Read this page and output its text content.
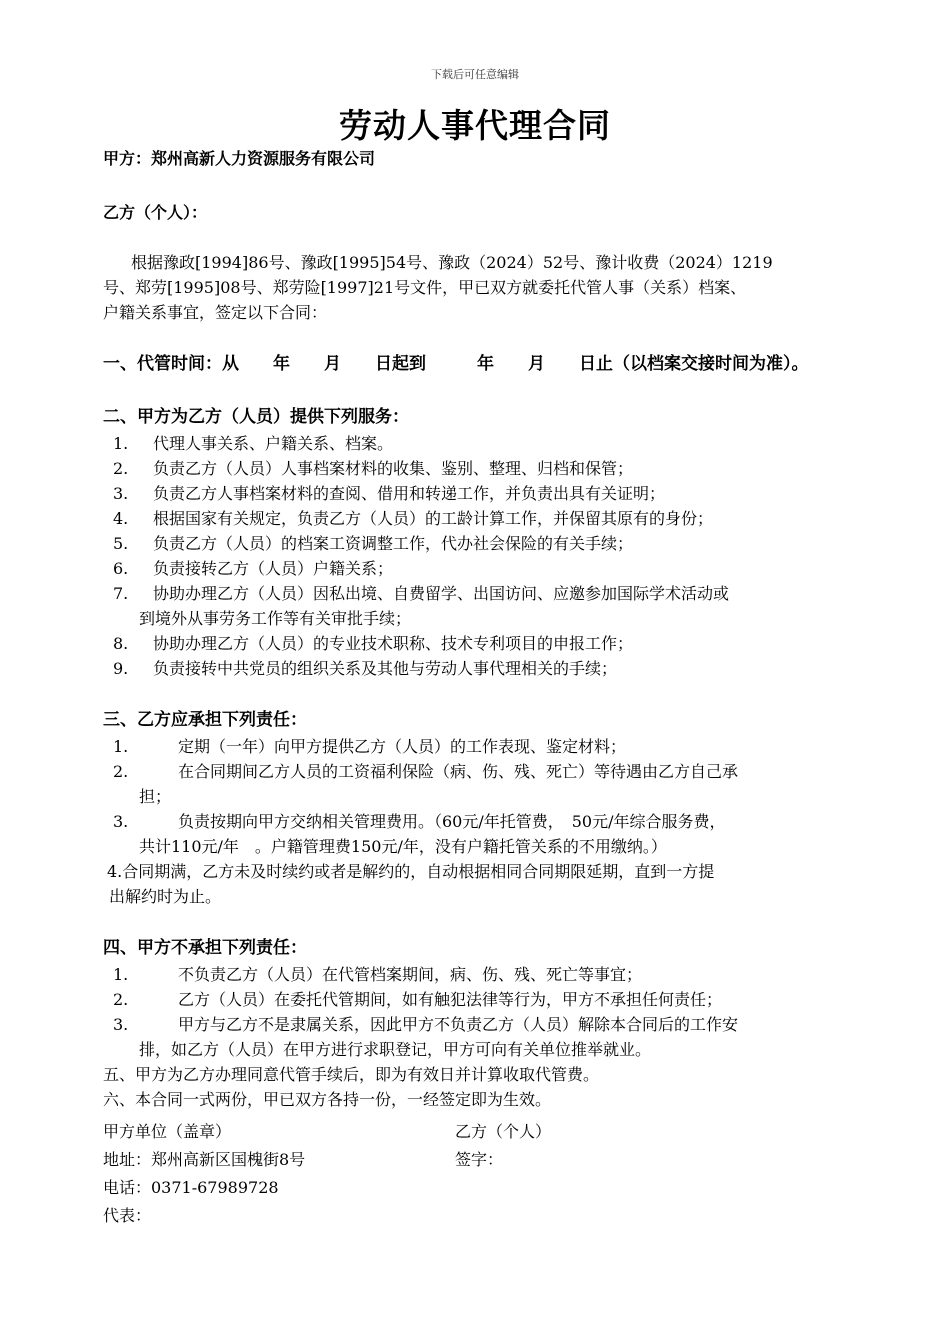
下载后可任意编辑
劳动人事代理合同
甲方：郑州高新人力资源服务有限公司
乙方（个人）：
根据豫政[1994]86号、豫政[1995]54号、豫政（2024）52号、豫计收费（2024）1219
号、郑劳[1995]08号、郑劳险[1997]21号文件，甲已双方就委托代管人事（关系）档案、
户籍关系事宜，签定以下合同：
一、代管时间：从　　年　　月　　日起到　　　年　　月　　日止（以档案交接时间为准）。
二、甲方为乙方（人员）提供下列服务：
1.	代理人事关系、户籍关系、档案。
2.	负责乙方（人员）人事档案材料的收集、鉴别、整理、归档和保管；
3.	负责乙方人事档案材料的查阅、借用和转递工作，并负责出具有关证明；
4.	根据国家有关规定，负责乙方（人员）的工龄计算工作，并保留其原有的身份；
5.	负责乙方（人员）的档案工资调整工作，代办社会保险的有关手续；
6.	负责接转乙方（人员）户籍关系；
7.	协助办理乙方（人员）因私出境、自费留学、出国访问、应邀参加国际学术活动或
到境外从事劳务工作等有关审批手续；
8.	协助办理乙方（人员）的专业技术职称、技术专利项目的申报工作；
9.	负责接转中共党员的组织关系及其他与劳动人事代理相关的手续；
三、乙方应承担下列责任：
1.	定期（一年）向甲方提供乙方（人员）的工作表现、鉴定材料；
2.	在合同期间乙方人员的工资福利保险（病、伤、残、死亡）等待遇由乙方自己承
担；
3.	负责按期向甲方交纳相关管理费用。（60元/年托管费，　50元/年综合服务费，
共计110元/年　。户籍管理费150元/年，没有户籍托管关系的不用缴纳。）
4.合同期满，乙方未及时续约或者是解约的，自动根据相同合同期限延期，直到一方提
出解约时为止。
四、甲方不承担下列责任：
1.	不负责乙方（人员）在代管档案期间，病、伤、残、死亡等事宜；
2.	乙方（人员）在委托代管期间，如有触犯法律等行为，甲方不承担任何责任；
3.	甲方与乙方不是隶属关系，因此甲方不负责乙方（人员）解除本合同后的工作安
排，如乙方（人员）在甲方进行求职登记，甲方可向有关单位推举就业。
五、甲方为乙方办理同意代管手续后，即为有效日并计算收取代管费。
六、本合同一式两份，甲已双方各持一份，一经签定即为生效。
甲方单位（盖章）	乙方（个人）
地址：郑州高新区国槐街8号	签字：
电话：0371-67989728
代表：
